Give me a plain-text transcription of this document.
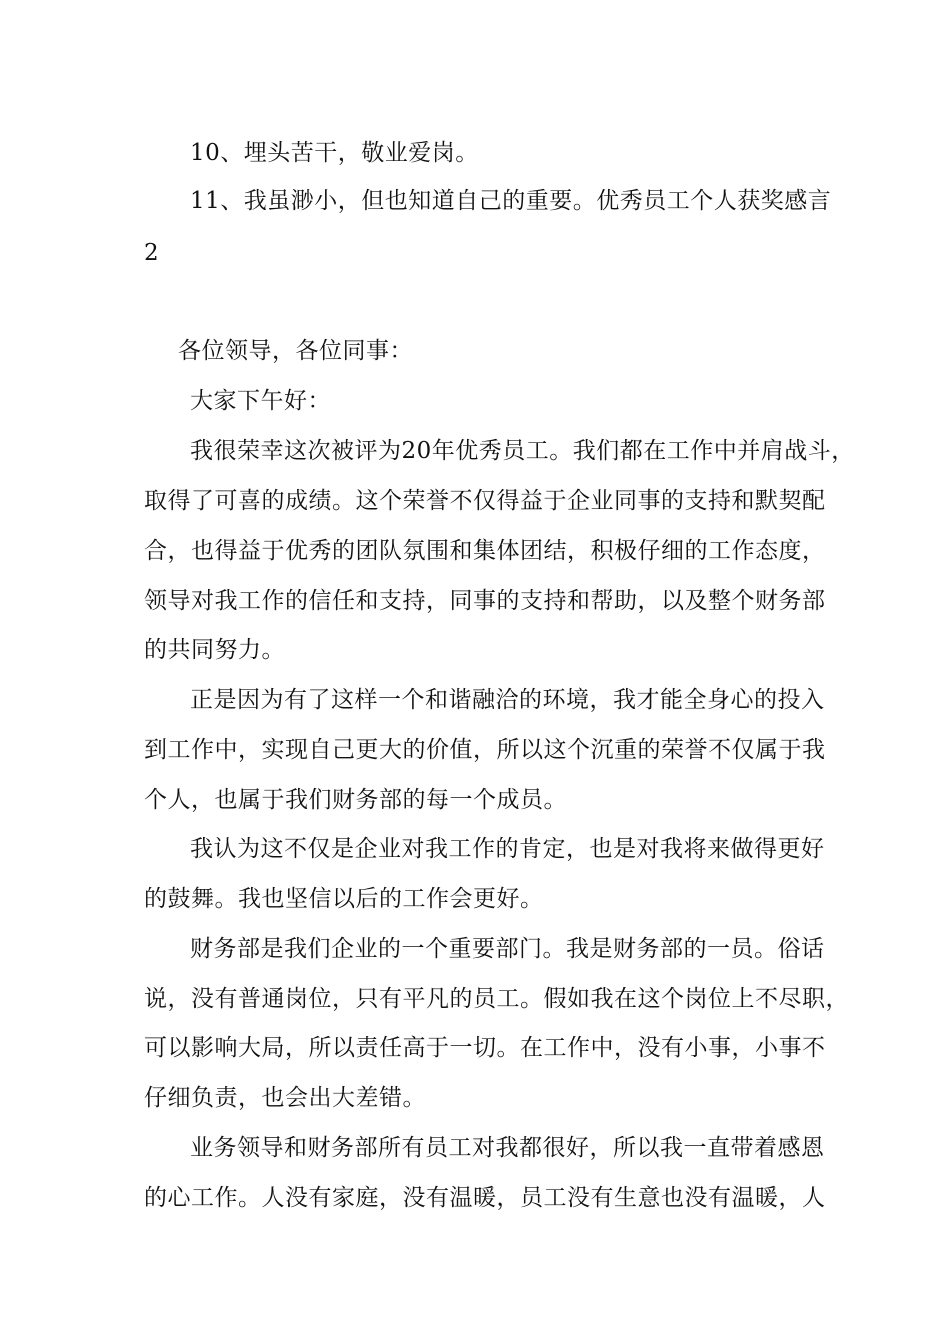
10、埋头苦干，敬业爱岗。
11、我虽渺小，但也知道自己的重要。优秀员工个人获奖感言
2
各位领导，各位同事：
大家下午好：
我很荣幸这次被评为20年优秀员工。我们都在工作中并肩战斗，
取得了可喜的成绩。这个荣誉不仅得益于企业同事的支持和默契配
合，也得益于优秀的团队氛围和集体团结，积极仔细的工作态度，
领导对我工作的信任和支持，同事的支持和帮助，以及整个财务部
的共同努力。
正是因为有了这样一个和谐融洽的环境，我才能全身心的投入
到工作中，实现自己更大的价值，所以这个沉重的荣誉不仅属于我
个人，也属于我们财务部的每一个成员。
我认为这不仅是企业对我工作的肯定，也是对我将来做得更好
的鼓舞。我也坚信以后的工作会更好。
财务部是我们企业的一个重要部门。我是财务部的一员。俗话
说，没有普通岗位，只有平凡的员工。假如我在这个岗位上不尽职，
可以影响大局，所以责任高于一切。在工作中，没有小事，小事不
仔细负责，也会出大差错。
业务领导和财务部所有员工对我都很好，所以我一直带着感恩
的心工作。人没有家庭，没有温暖，员工没有生意也没有温暖，人
